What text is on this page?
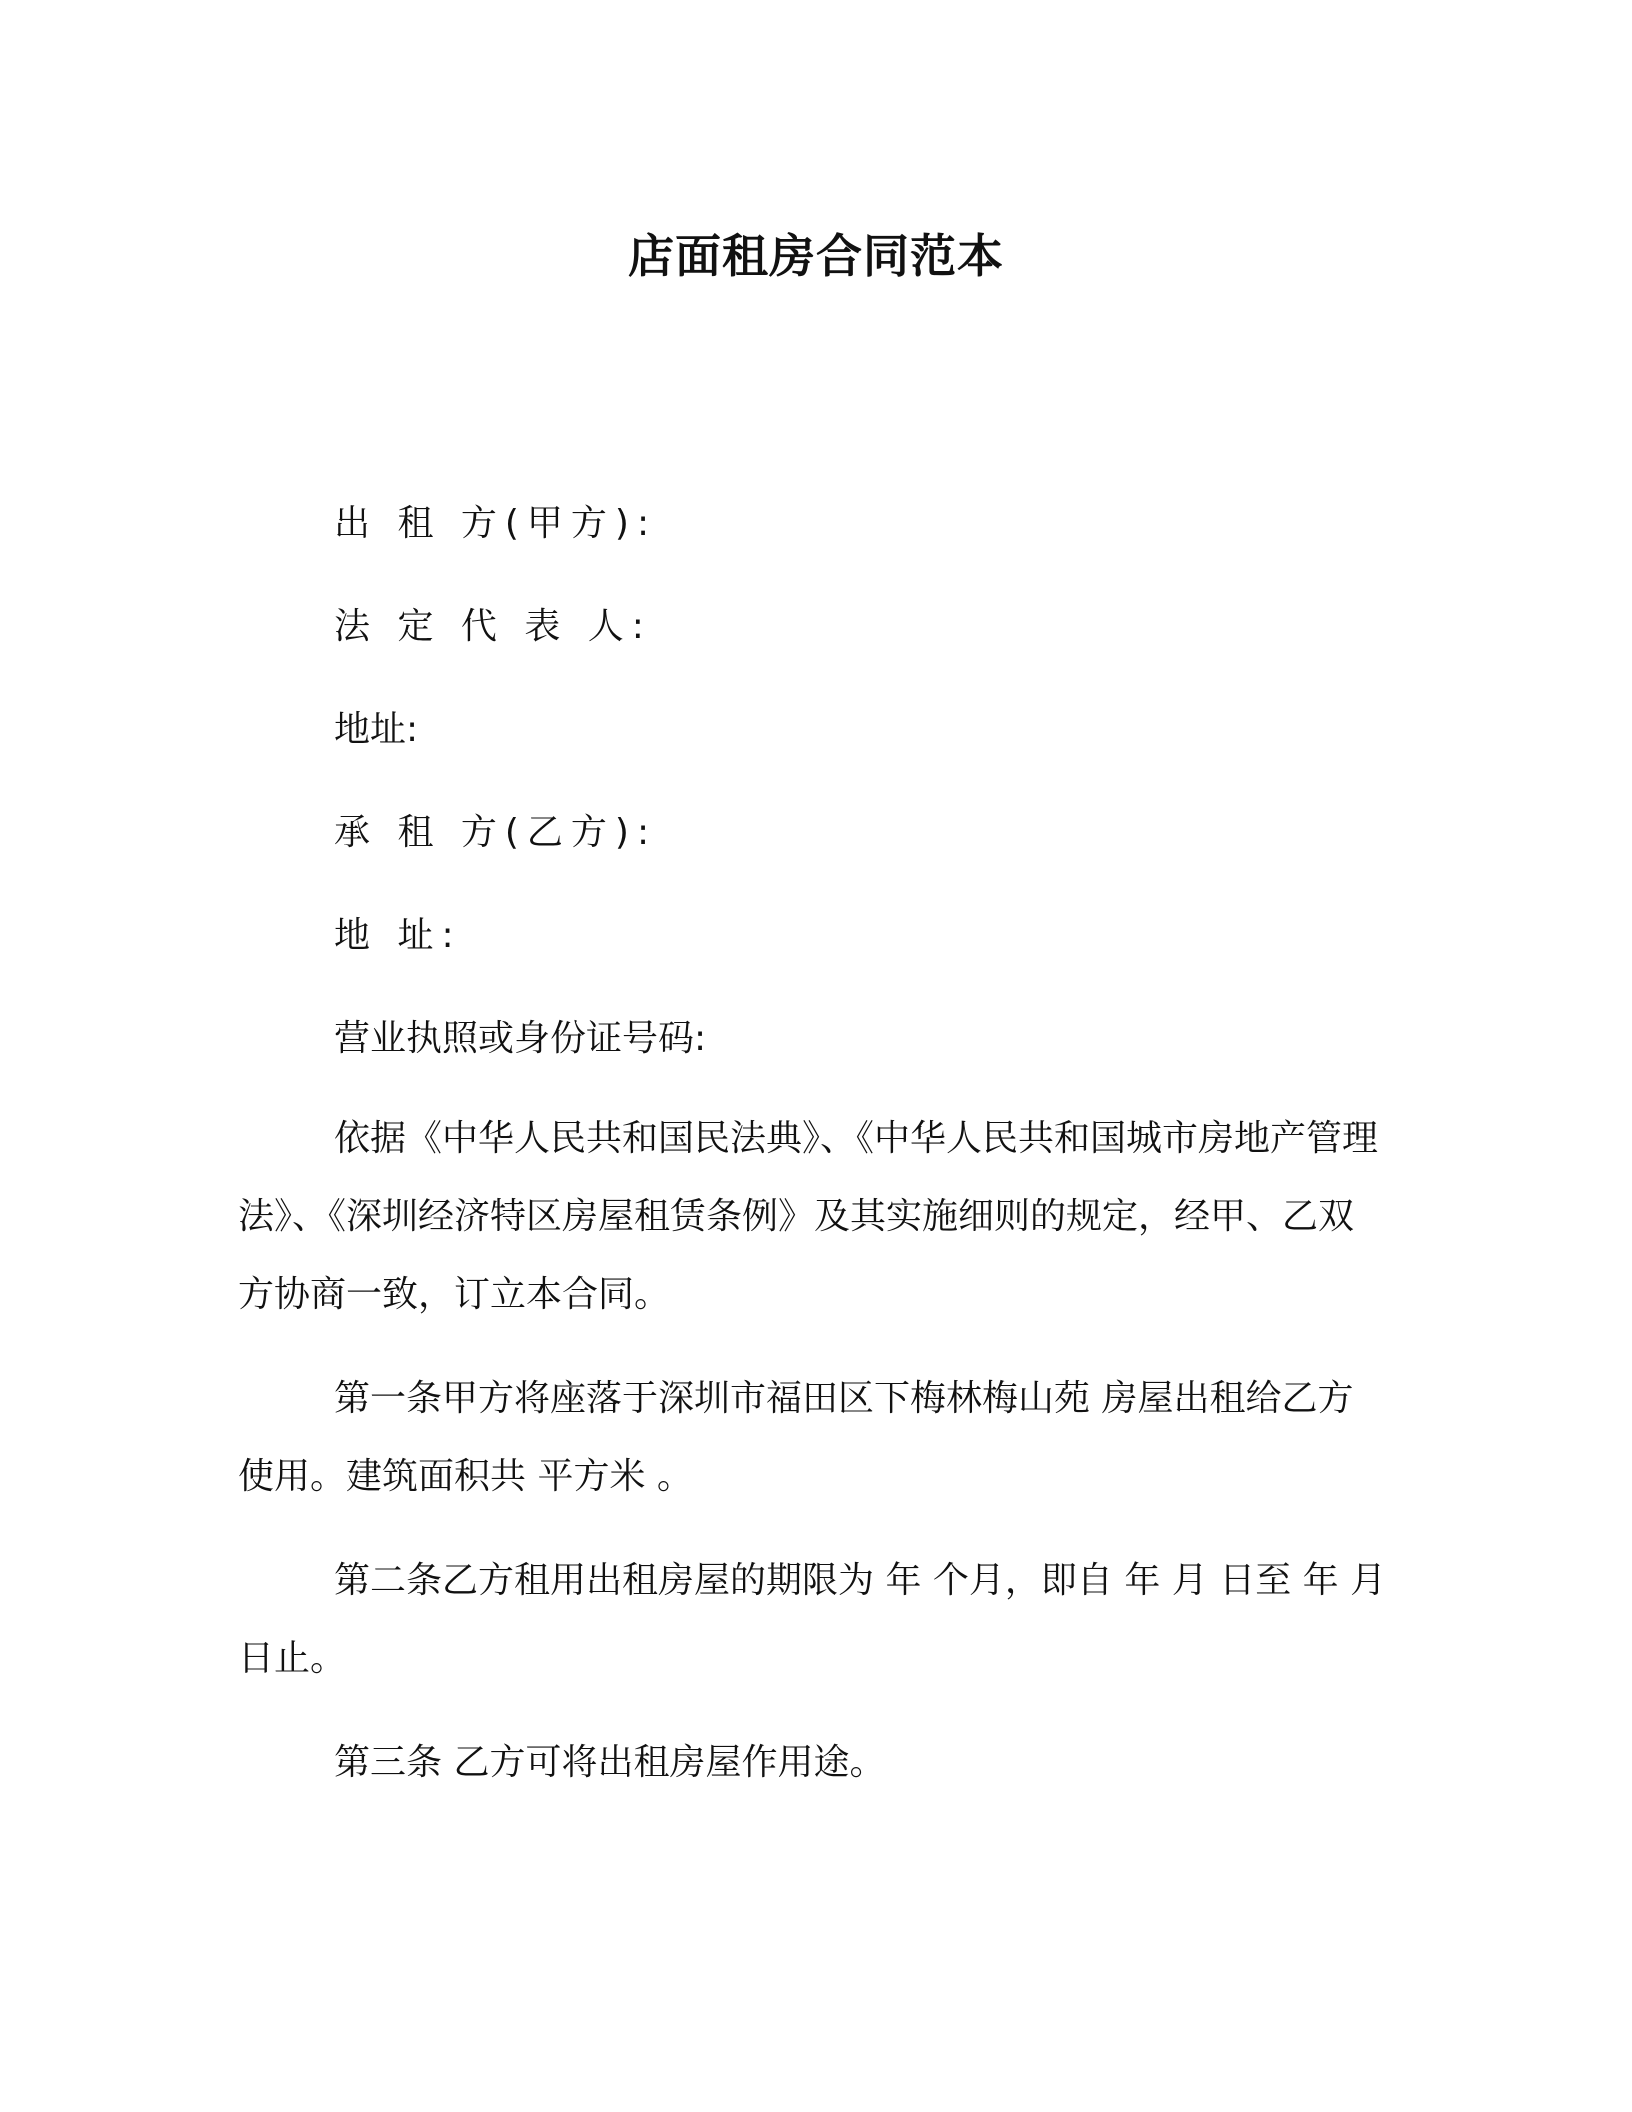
店面租房合同范本
出 租 方(甲方):
法 定 代 表 人:
地址:
承 租 方(乙方):
地 址:
营业执照或身份证号码:

依据《中华人民共和国民法典》、《中华人民共和国城市房地产管理法》、《深圳经济特区房屋租赁条例》及其实施细则的规定，经甲、乙双方协商一致，订立本合同。

第一条甲方将座落于深圳市福田区下梅林梅山苑 房屋出租给乙方使用。建筑面积共 平方米 。

第二条乙方租用出租房屋的期限为 年 个月，即自 年 月 日至 年 月日止。

第三条 乙方可将出租房屋作用途。
